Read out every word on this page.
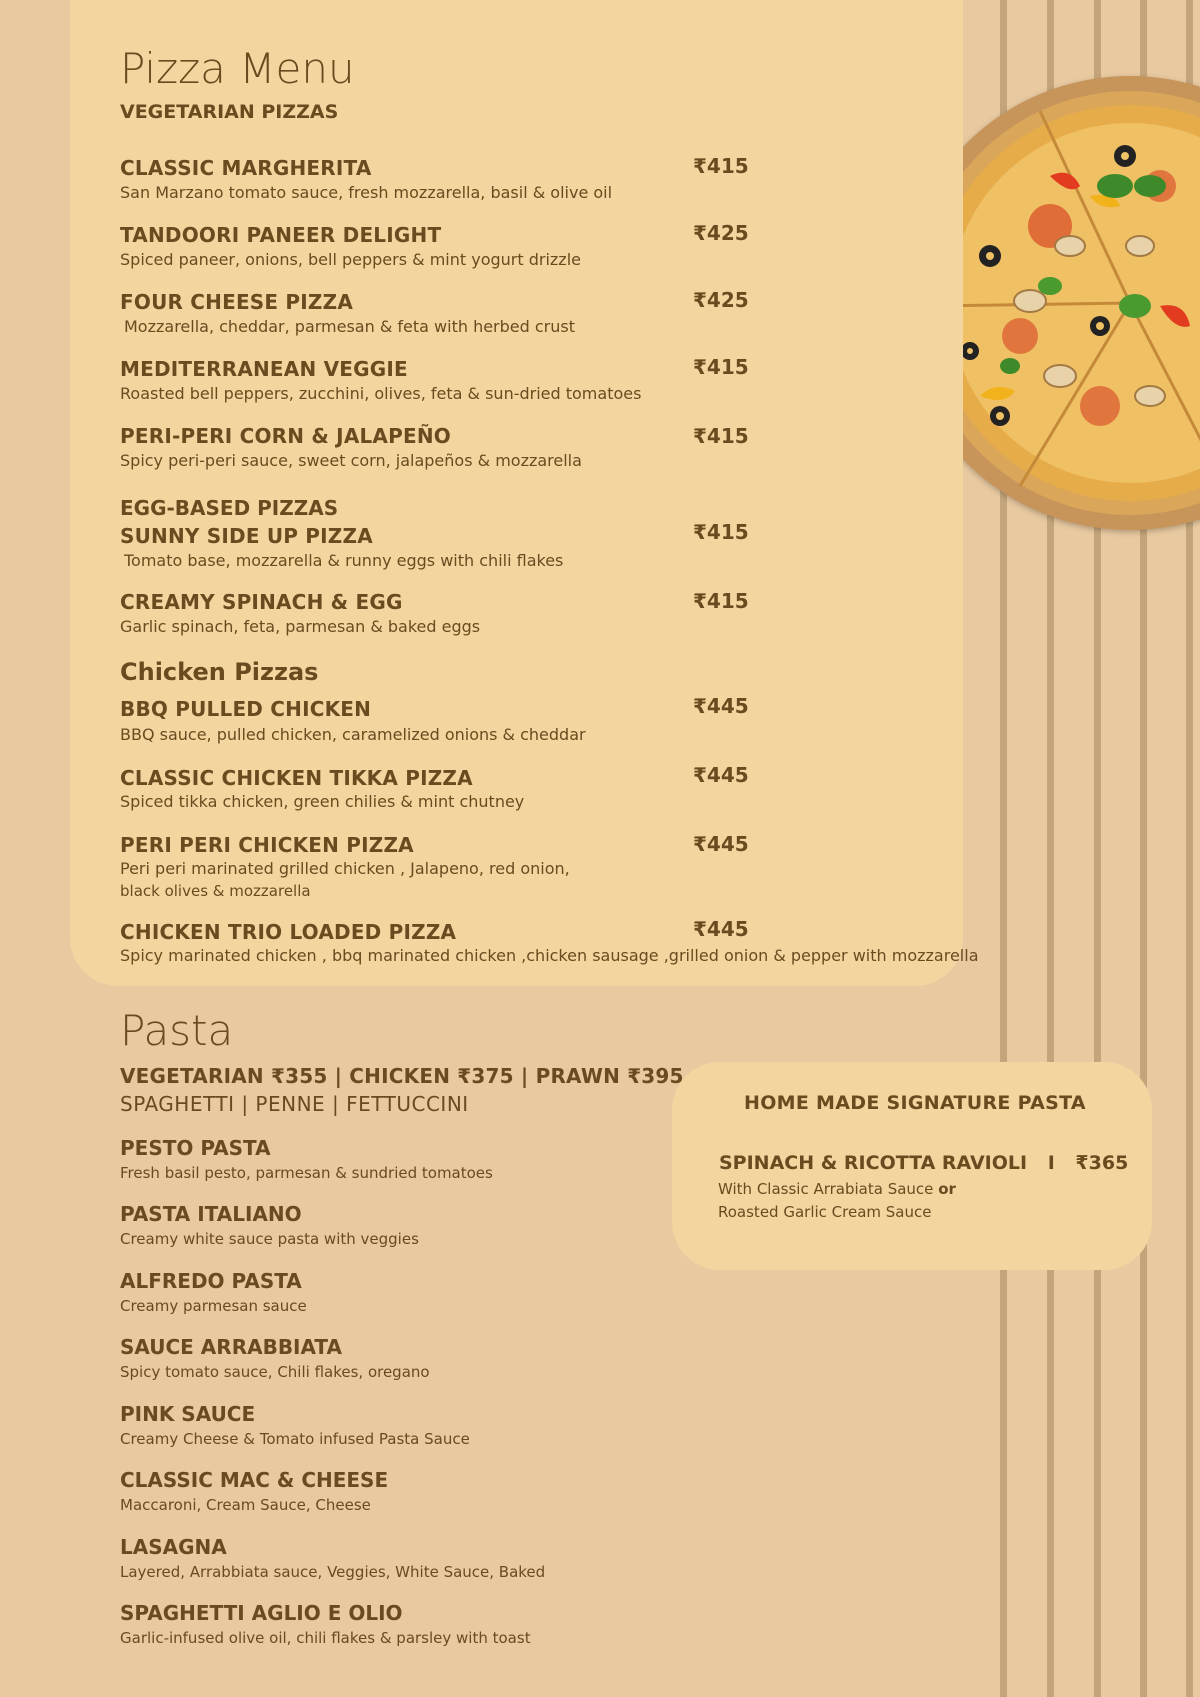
Pizza Menu
VEGETARIAN PIZZAS
CLASSIC MARGHERITA	₹415
San Marzano tomato sauce, fresh mozzarella, basil & olive oil
TANDOORI PANEER DELIGHT	₹425
Spiced paneer, onions, bell peppers & mint yogurt drizzle
FOUR CHEESE PIZZA	₹425
Mozzarella, cheddar, parmesan & feta with herbed crust
MEDITERRANEAN VEGGIE	₹415
Roasted bell peppers, zucchini, olives, feta & sun-dried tomatoes
PERI-PERI CORN & JALAPEÑO	₹415
Spicy peri-peri sauce, sweet corn, jalapeños & mozzarella
EGG-BASED PIZZAS
SUNNY SIDE UP PIZZA	₹415
Tomato base, mozzarella & runny eggs with chili flakes
CREAMY SPINACH & EGG	₹415
Garlic spinach, feta, parmesan & baked eggs
Chicken Pizzas
BBQ PULLED CHICKEN	₹445
BBQ sauce, pulled chicken, caramelized onions & cheddar
CLASSIC CHICKEN TIKKA PIZZA	₹445
Spiced tikka chicken, green chilies & mint chutney
PERI PERI CHICKEN PIZZA	₹445
Peri peri marinated grilled chicken , Jalapeno, red onion,
black olives & mozzarella
CHICKEN TRIO LOADED PIZZA	₹445
Spicy marinated chicken , bbq marinated chicken ,chicken sausage ,grilled onion & pepper with mozzarella
Pasta
VEGETARIAN ₹355 | CHICKEN ₹375 | PRAWN ₹395
SPAGHETTI | PENNE | FETTUCCINI
PESTO PASTA
Fresh basil pesto, parmesan & sundried tomatoes
PASTA ITALIANO
Creamy white sauce pasta with veggies
ALFREDO PASTA
Creamy parmesan sauce
SAUCE ARRABBIATA
Spicy tomato sauce, Chili flakes, oregano
PINK SAUCE
Creamy Cheese & Tomato infused Pasta Sauce
CLASSIC MAC & CHEESE
Maccaroni, Cream Sauce, Cheese
LASAGNA
Layered, Arrabbiata sauce, Veggies, White Sauce, Baked
SPAGHETTI AGLIO E OLIO
Garlic-infused olive oil, chili flakes & parsley with toast
HOME MADE SIGNATURE PASTA
SPINACH & RICOTTA RAVIOLI I ₹365
With Classic Arrabiata Sauce or
Roasted Garlic Cream Sauce
